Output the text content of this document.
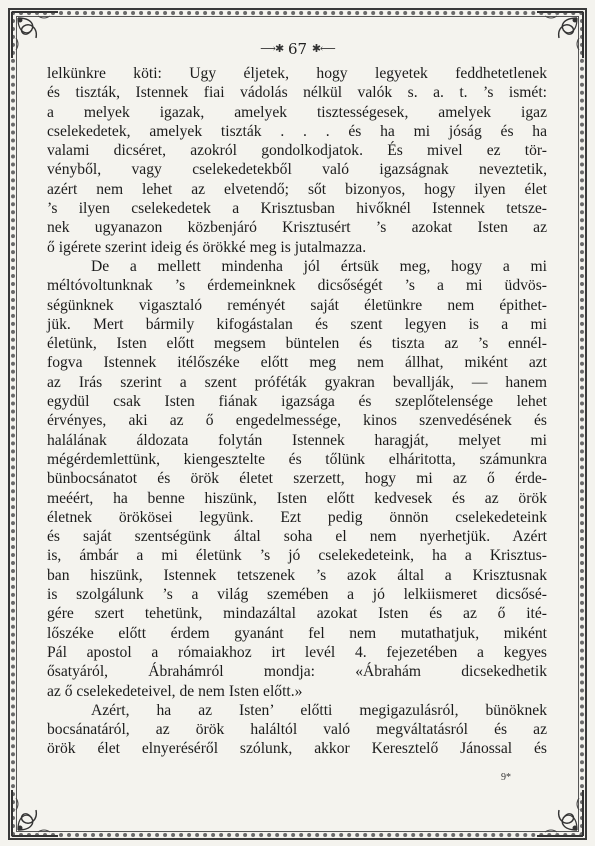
⟶✱ 67 ✱⟵
lelkünkre köti: Ugy éljetek, hogy legyetek feddhetetlenek
és tiszták, Istennek fiai vádolás nélkül valók s. a. t. ’s ismét:
a melyek igazak, amelyek tisztességesek, amelyek igaz
cselekedetek, amelyek tiszták . . . és ha mi jóság és ha
valami dicséret, azokról gondolkodjatok. És mivel ez tör-
vényből, vagy cselekedetekből való igazságnak neveztetik,
azért nem lehet az elvetendő; sőt bizonyos, hogy ilyen élet
’s ilyen cselekedetek a Krisztusban hivőknél Istennek tetsze-
nek ugyanazon közbenjáró Krisztusért ’s azokat Isten az
ő igérete szerint ideig és örökké meg is jutalmazza.
De a mellett mindenha jól értsük meg, hogy a mi
méltóvoltunknak ’s érdemeinknek dicsőségét ’s a mi üdvös-
ségünknek vigasztaló reményét saját életünkre nem épithet-
jük. Mert bármily kifogástalan és szent legyen is a mi
életünk, Isten előtt megsem büntelen és tiszta az ’s ennél-
fogva Istennek itélőszéke előtt meg nem állhat, miként azt
az Irás szerint a szent próféták gyakran bevallják, — hanem
egydül csak Isten fiának igazsága és szeplőtelensége lehet
érvényes, aki az ő engedelmessége, kinos szenvedésének és
halálának áldozata folytán Istennek haragját, melyet mi
mégérdemlettünk, kiengesztelte és tőlünk elháritotta, számunkra
bünbocsánatot és örök életet szerzett, hogy mi az ő érde-
meéért, ha benne hiszünk, Isten előtt kedvesek és az örök
életnek örökösei legyünk. Ezt pedig önnön cselekedeteink
és saját szentségünk által soha el nem nyerhetjük. Azért
is, ámbár a mi életünk ’s jó cselekedeteink, ha a Krisztus-
ban hiszünk, Istennek tetszenek ’s azok által a Krisztusnak
is szolgálunk ’s a világ szemében a jó lelkiismeret dicsősé-
gére szert tehetünk, mindazáltal azokat Isten és az ő ité-
lőszéke előtt érdem gyanánt fel nem mutathatjuk, miként
Pál apostol a rómaiakhoz irt levél 4. fejezetében a kegyes
ősatyáról, Ábrahámról mondja: «Ábrahám dicsekedhetik
az ő cselekedeteivel, de nem Isten előtt.»
Azért, ha az Isten’ előtti megigazulásról, bünöknek
bocsánatáról, az örök haláltól való megváltatásról és az
örök élet elnyeréséről szólunk, akkor Keresztelő Jánossal és
9*
